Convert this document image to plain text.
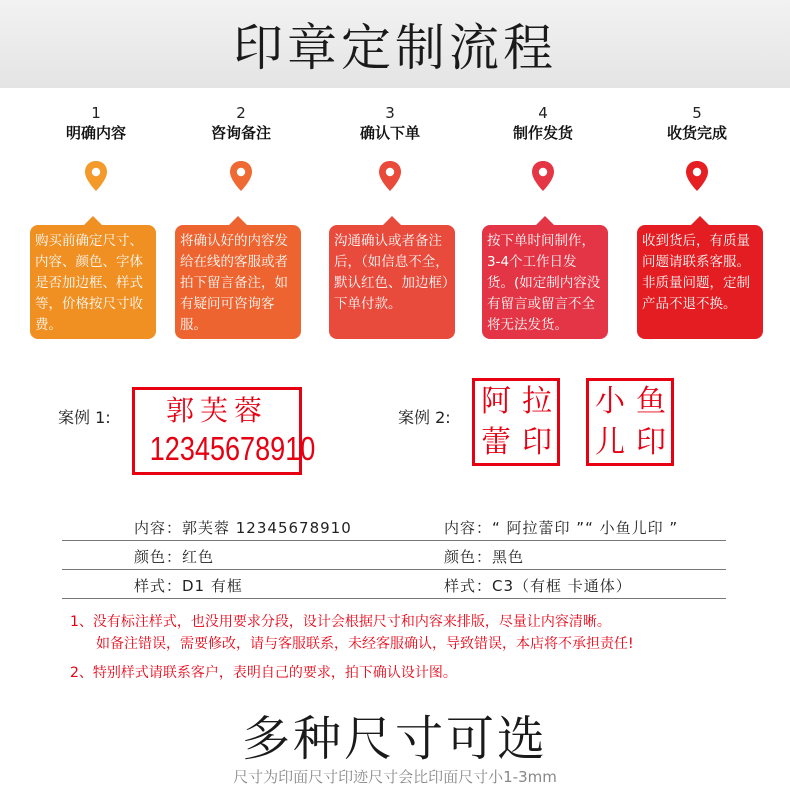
印章定制流程
1
明确内容
2
咨询备注
3
确认下单
4
制作发货
5
收货完成
购买前确定尺寸、内容、颜色、字体是否加边框、样式等，价格按尺寸收费。
将确认好的内容发给在线的客服或者拍下留言备注，如有疑问可咨询客服。
沟通确认或者备注后，（如信息不全，默认红色、加边框）下单付款。
按下单时间制作，3-4个工作日发货。(如定制内容没有留言或留言不全将无法发货。
收到货后，有质量问题请联系客服。非质量问题，定制产品不退不换。
案例 1:	郭芙蓉
12345678910
案例 2: 阿 拉
蕾 印
小 鱼
儿 印
内容：郭芙蓉 12345678910	内容：“ 阿拉蕾印 ”“ 小鱼儿印 ”
颜色：红色	颜色：黑色
样式：D1 有框	样式：C3（有框 卡通体）
1、没有标注样式，也没用要求分段，设计会根据尺寸和内容来排版，尽量让内容清晰。
如备注错误，需要修改，请与客服联系，未经客服确认，导致错误，本店将不承担责任!
2、特别样式请联系客户，表明自己的要求，拍下确认设计图。
多种尺寸可选
尺寸为印面尺寸印迹尺寸会比印面尺寸小1-3mm
